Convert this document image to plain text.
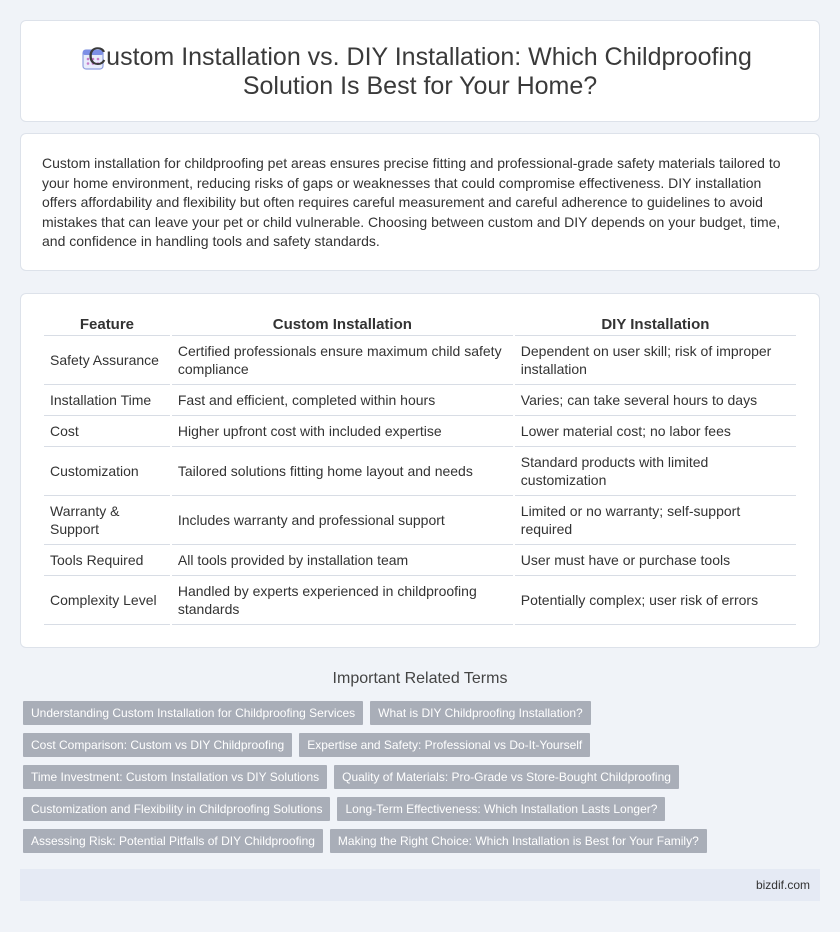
Custom Installation vs. DIY Installation: Which Childproofing
Solution Is Best for Your Home?

Custom installation for childproofing pet areas ensures precise fitting and professional-grade safety materials tailored to your home environment, reducing risks of gaps or weaknesses that could compromise effectiveness. DIY installation offers affordability and flexibility but often requires careful measurement and careful adherence to guidelines to avoid mistakes that can leave your pet or child vulnerable. Choosing between custom and DIY depends on your budget, time, and confidence in handling tools and safety standards.

Feature	Custom Installation	DIY Installation
Safety Assurance	Certified professionals ensure maximum child safety compliance	Dependent on user skill; risk of improper installation
Installation Time	Fast and efficient, completed within hours	Varies; can take several hours to days
Cost	Higher upfront cost with included expertise	Lower material cost; no labor fees
Customization	Tailored solutions fitting home layout and needs	Standard products with limited customization
Warranty & Support	Includes warranty and professional support	Limited or no warranty; self-support required
Tools Required	All tools provided by installation team	User must have or purchase tools
Complexity Level	Handled by experts experienced in childproofing standards	Potentially complex; user risk of errors
Important Related Terms
Understanding Custom Installation for Childproofing Services	What is DIY Childproofing Installation?
Cost Comparison: Custom vs DIY Childproofing	Expertise and Safety: Professional vs Do-It-Yourself
Time Investment: Custom Installation vs DIY Solutions	Quality of Materials: Pro-Grade vs Store-Bought Childproofing
Customization and Flexibility in Childproofing Solutions	Long-Term Effectiveness: Which Installation Lasts Longer?
Assessing Risk: Potential Pitfalls of DIY Childproofing	Making the Right Choice: Which Installation is Best for Your Family?
bizdif.com
